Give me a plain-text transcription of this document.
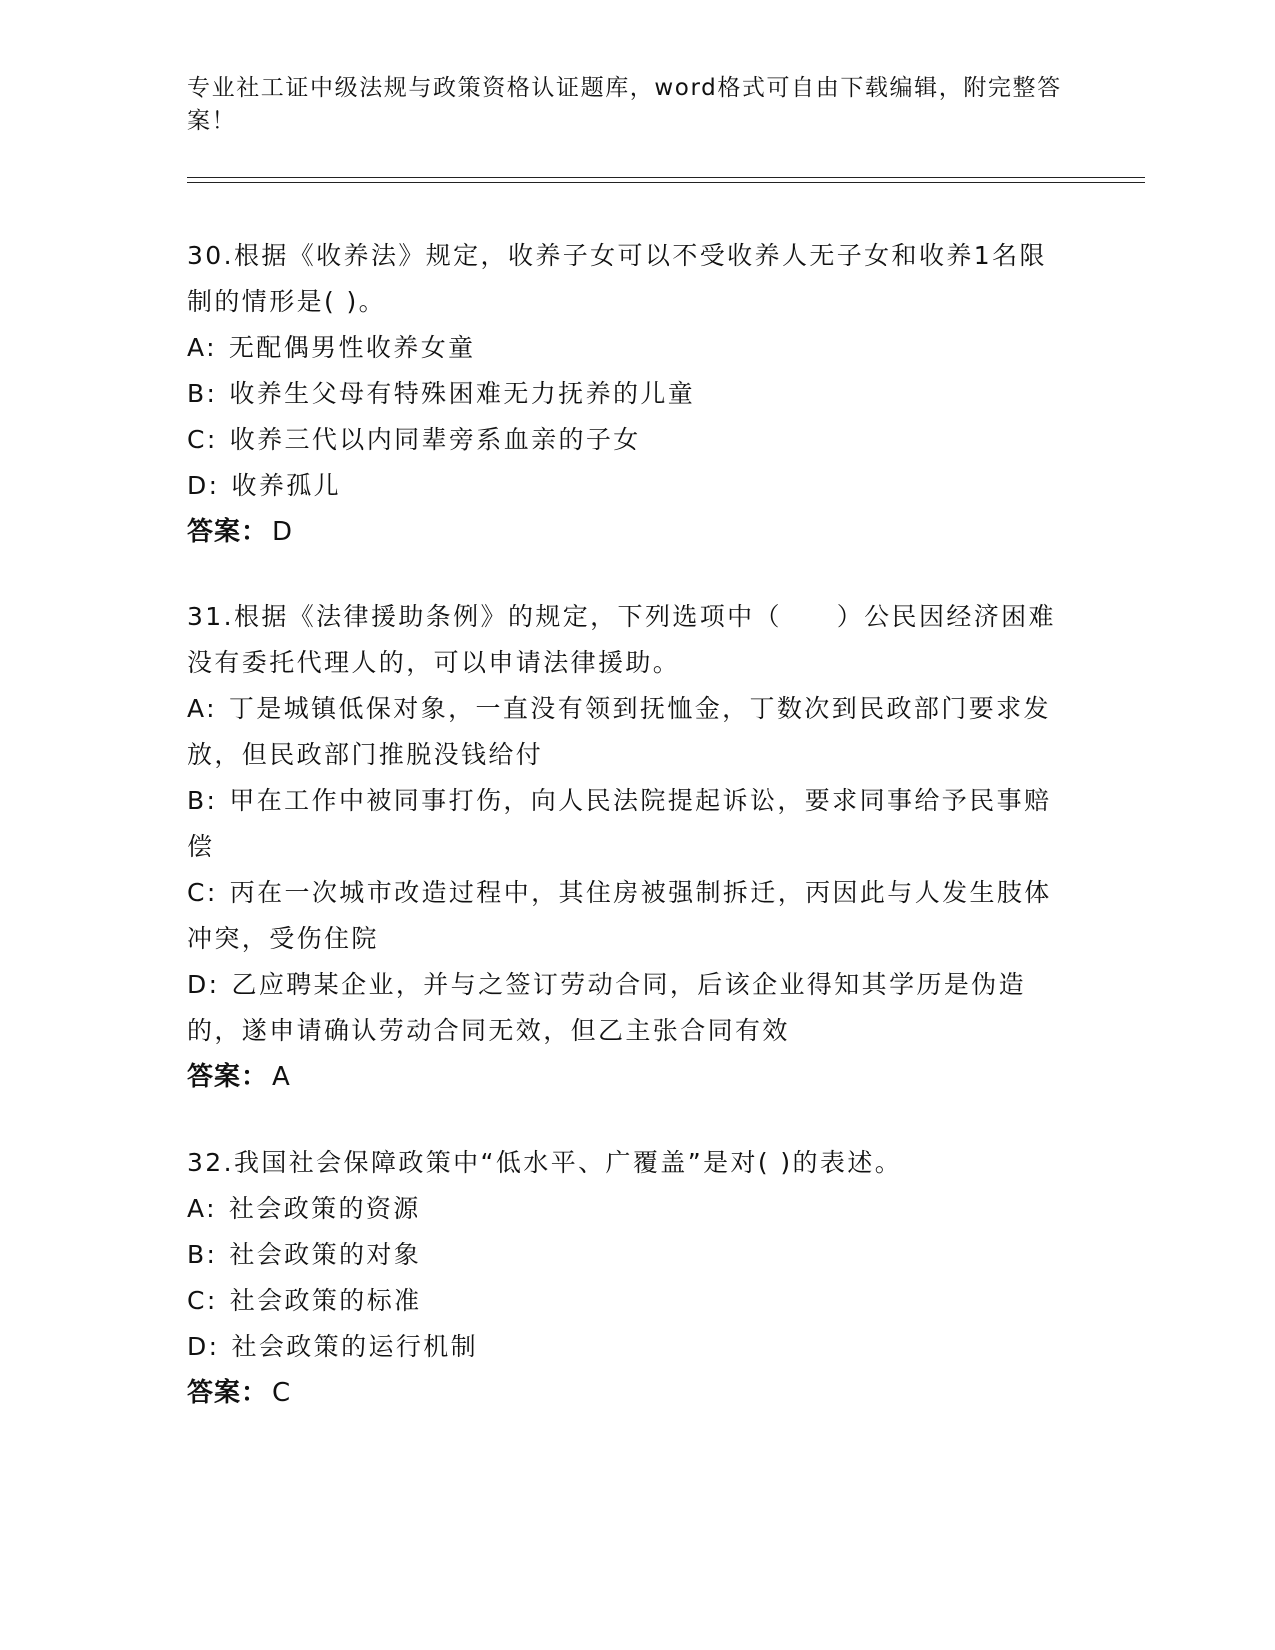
专业社工证中级法规与政策资格认证题库，word格式可自由下载编辑，附完整答案！
30.根据《收养法》规定，收养子女可以不受收养人无子女和收养1名限制的情形是( )。
A: 无配偶男性收养女童
B: 收养生父母有特殊困难无力抚养的儿童
C: 收养三代以内同辈旁系血亲的子女
D: 收养孤儿
答案： D
31.根据《法律援助条例》的规定，下列选项中（　　）公民因经济困难没有委托代理人的，可以申请法律援助。
A: 丁是城镇低保对象，一直没有领到抚恤金，丁数次到民政部门要求发放，但民政部门推脱没钱给付
B: 甲在工作中被同事打伤，向人民法院提起诉讼，要求同事给予民事赔偿
C: 丙在一次城市改造过程中，其住房被强制拆迁，丙因此与人发生肢体冲突，受伤住院
D: 乙应聘某企业，并与之签订劳动合同，后该企业得知其学历是伪造的，遂申请确认劳动合同无效，但乙主张合同有效
答案： A
32.我国社会保障政策中“低水平、广覆盖”是对( )的表述。
A: 社会政策的资源
B: 社会政策的对象
C: 社会政策的标准
D: 社会政策的运行机制
答案： C
